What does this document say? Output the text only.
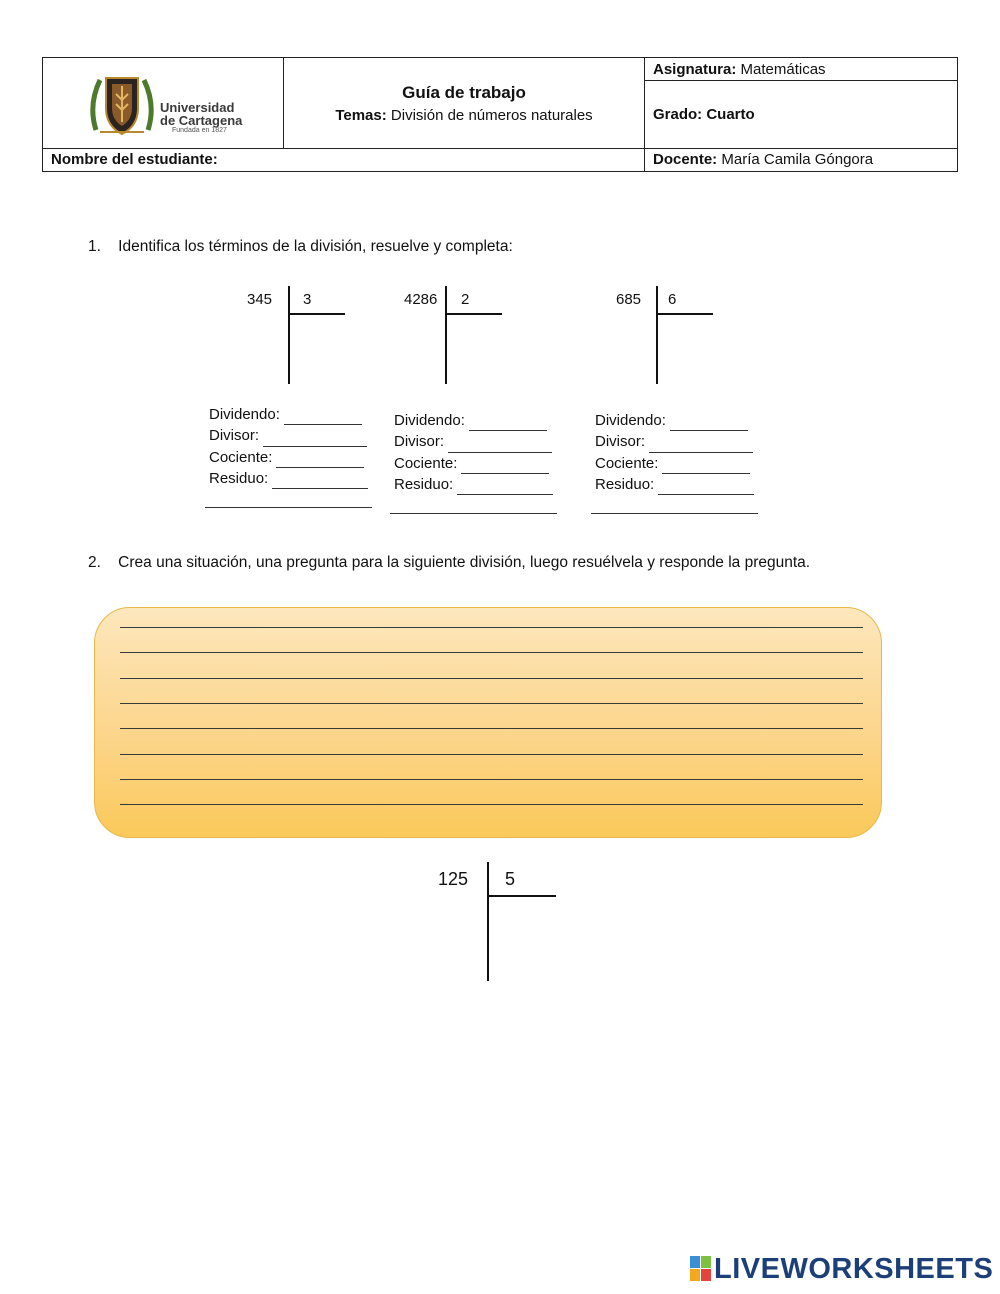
Universidad
de Cartagena
Fundada en 1827
Guía de trabajo
Temas: División de números naturales
Asignatura: Matemáticas
Grado: Cuarto
Nombre del estudiante:	Docente: María Camila Góngora
1. Identifica los términos de la división, resuelve y completa:
345 3	4286 2	685 6
Dividendo:
Divisor:
Cociente:
Residuo:
Dividendo:
Divisor:
Cociente:
Residuo:
Dividendo:
Divisor:
Cociente:
Residuo:
2. Crea una situación, una pregunta para la siguiente división, luego resuélvela y responde la pregunta.
125 5
LIVEWORKSHEETS
